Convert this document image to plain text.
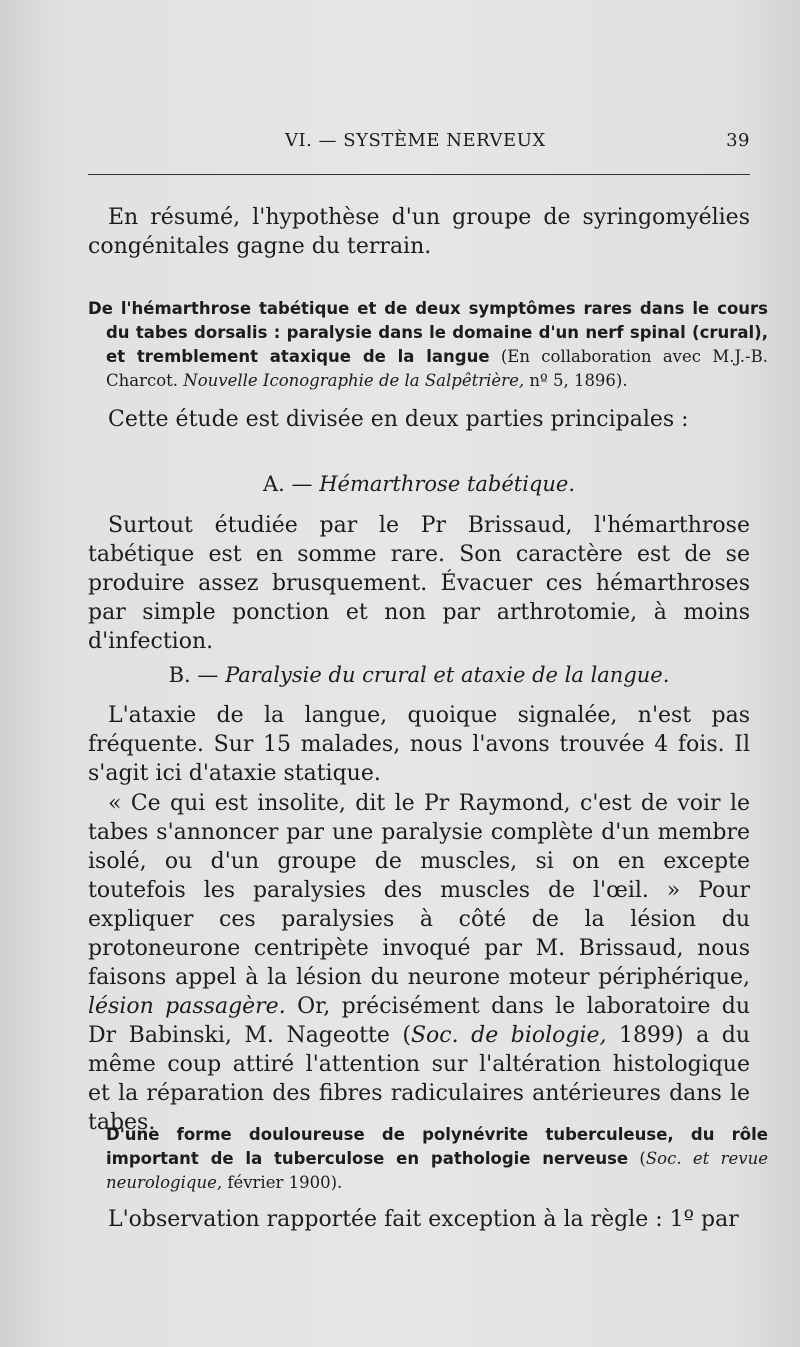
VI. — SYSTÈME NERVEUX	39

En résumé, l'hypothèse d'un groupe de syringomyélies congénitales gagne du terrain.

De l'hémarthrose tabétique et de deux symptômes rares dans le cours du tabes dorsalis : paralysie dans le domaine d'un nerf spinal (crural), et tremblement ataxique de la langue (En collaboration avec M.J.-B. Charcot. Nouvelle Iconographie de la Salpêtrière, nº 5, 1896).

Cette étude est divisée en deux parties principales :

A. — Hémarthrose tabétique.

Surtout étudiée par le Pr Brissaud, l'hémarthrose tabétique est en somme rare. Son caractère est de se produire assez brusquement. Évacuer ces hémarthroses par simple ponction et non par arthrotomie, à moins d'infection.

B. — Paralysie du crural et ataxie de la langue.

L'ataxie de la langue, quoique signalée, n'est pas fréquente. Sur 15 malades, nous l'avons trouvée 4 fois. Il s'agit ici d'ataxie statique.

« Ce qui est insolite, dit le Pr Raymond, c'est de voir le tabes s'annoncer par une paralysie complète d'un membre isolé, ou d'un groupe de muscles, si on en excepte toutefois les paralysies des muscles de l'œil. » Pour expliquer ces paralysies à côté de la lésion du protoneurone centripète invoqué par M. Brissaud, nous faisons appel à la lésion du neurone moteur périphérique, lésion passagère. Or, précisément dans le laboratoire du Dr Babinski, M. Nageotte (Soc. de biologie, 1899) a du même coup attiré l'attention sur l'altération histologique et la réparation des fibres radiculaires antérieures dans le tabes.

D'une forme douloureuse de polynévrite tuberculeuse, du rôle important de la tuberculose en pathologie nerveuse (Soc. et revue neurologique, février 1900).

L'observation rapportée fait exception à la règle : 1º par
